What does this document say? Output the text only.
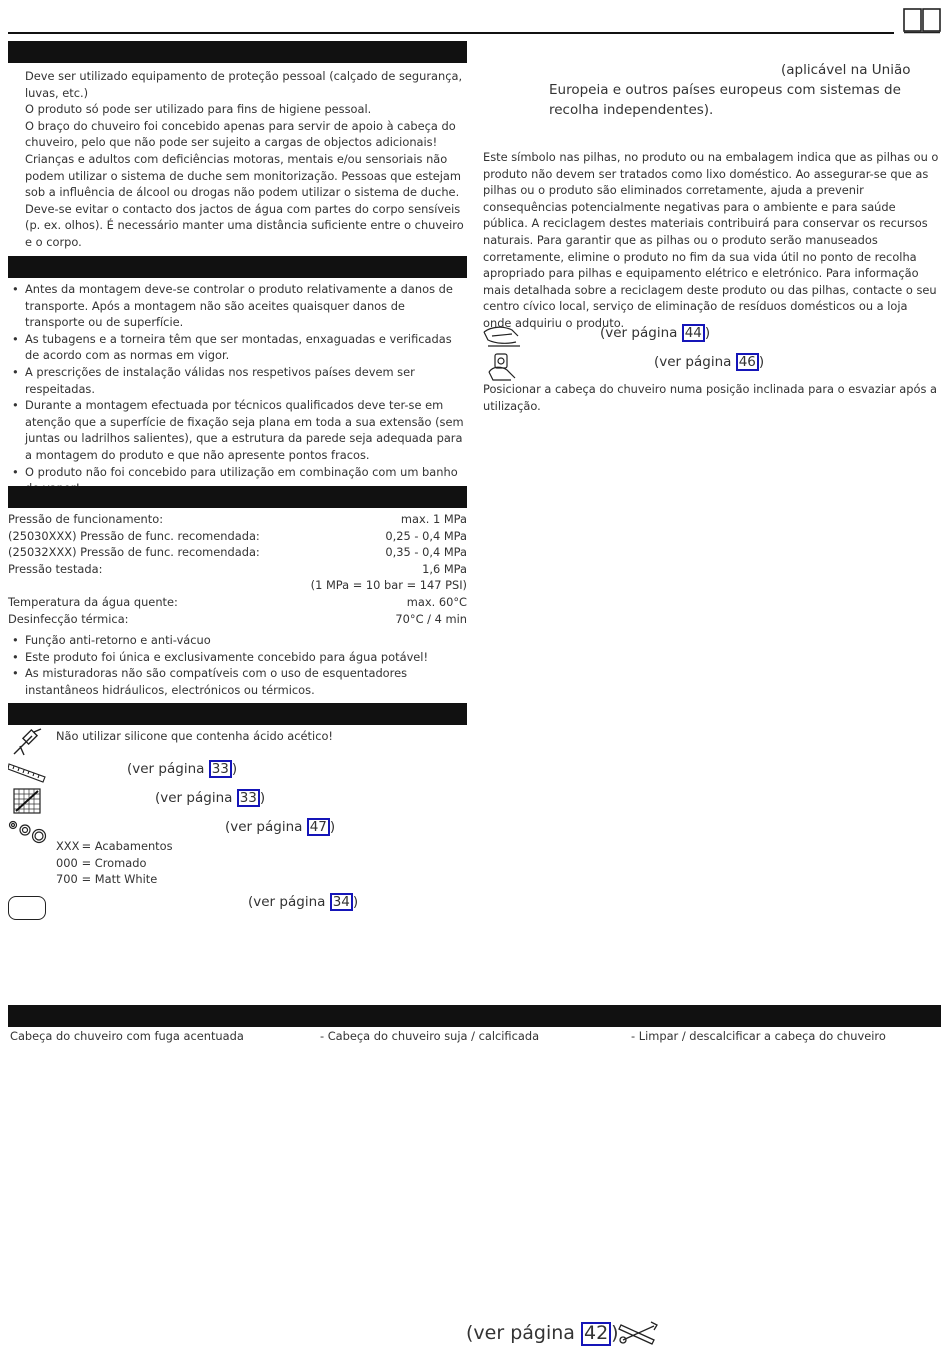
Deve ser utilizado equipamento de proteção pessoal (calçado de segurança, luvas, etc.)

O produto só pode ser utilizado para fins de higiene pessoal.

O braço do chuveiro foi concebido apenas para servir de apoio à cabeça do chuveiro, pelo que não pode ser sujeito a cargas de objectos adicionais!

Crianças e adultos com deficiências motoras, mentais e/ou sensoriais não podem utilizar o sistema de duche sem monitorização. Pessoas que estejam sob a influência de álcool ou drogas não podem utilizar o sistema de duche.

Deve-se evitar o contacto dos jactos de água com partes do corpo sensíveis (p. ex. olhos). É necessário manter uma distância suficiente entre o chuveiro e o corpo.

• Antes da montagem deve-se controlar o produto relativamente a danos de transporte. Após a montagem não são aceites quaisquer danos de transporte ou de superfície.
• As tubagens e a torneira têm que ser montadas, enxaguadas e verificadas de acordo com as normas em vigor.
• A prescrições de instalação válidas nos respetivos países devem ser respeitadas.
• Durante a montagem efectuada por técnicos qualificados deve ter-se em atenção que a superfície de fixação seja plana em toda a sua extensão (sem juntas ou ladrilhos salientes), que a estrutura da parede seja adequada para a montagem do produto e que não apresente pontos fracos.
• O produto não foi concebido para utilização em combinação com um banho
Pressão de funcionamento:	max. 1 MPa
(25030XXX) Pressão de func. recomendada:	0,25 - 0,4 MPa
(25032XXX) Pressão de func. recomendada:	0,35 - 0,4 MPa
Pressão testada:	1,6 MPa
(1 MPa = 10 bar = 147 PSI)
Temperatura da água quente:	max. 60°C
Desinfecção térmica:	70°C / 4 min
• Função anti-retorno e anti-vácuo
• Este produto foi única e exclusivamente concebido para água potável!
• As misturadoras não são compatíveis com o uso de esquentadores instantâneos hidráulicos, electrónicos ou térmicos.
Não utilizar silicone que contenha ácido acético!
(ver página 33 )
(ver página 33 )
(ver página 47 )
XXX = Acabamentos
000 = Cromado
700 = Matt White
(ver página 34 )
Cabeça do chuveiro com fuga acentuada	- Cabeça do chuveiro suja / calcificada	- Limpar / descalcificar a cabeça do chuveiro
(aplicável na União Europeia e outros países europeus com sistemas de recolha independentes).
Este símbolo nas pilhas, no produto ou na embalagem indica que as pilhas ou o produto não devem ser tratados como lixo doméstico. Ao assegurar-se que as pilhas ou o produto são eliminados corretamente, ajuda a prevenir consequências potencialmente negativas para o ambiente e para saúde pública. A reciclagem destes materiais contribuirá para conservar os recursos naturais. Para garantir que as pilhas ou o produto serão manuseados corretamente, elimine o produto no fim da sua vida útil no ponto de recolha apropriado para pilhas e equipamento elétrico e eletrónico. Para informação mais detalhada sobre a reciclagem deste produto ou das pilhas, contacte o seu centro cívico local, serviço de eliminação de resíduos domésticos ou a loja onde adquiriu o produto.
(ver página 44 )
(ver página 46 )
Posicionar a cabeça do chuveiro numa posição inclinada para o esvaziar após a utilização.
(ver página 42 )
